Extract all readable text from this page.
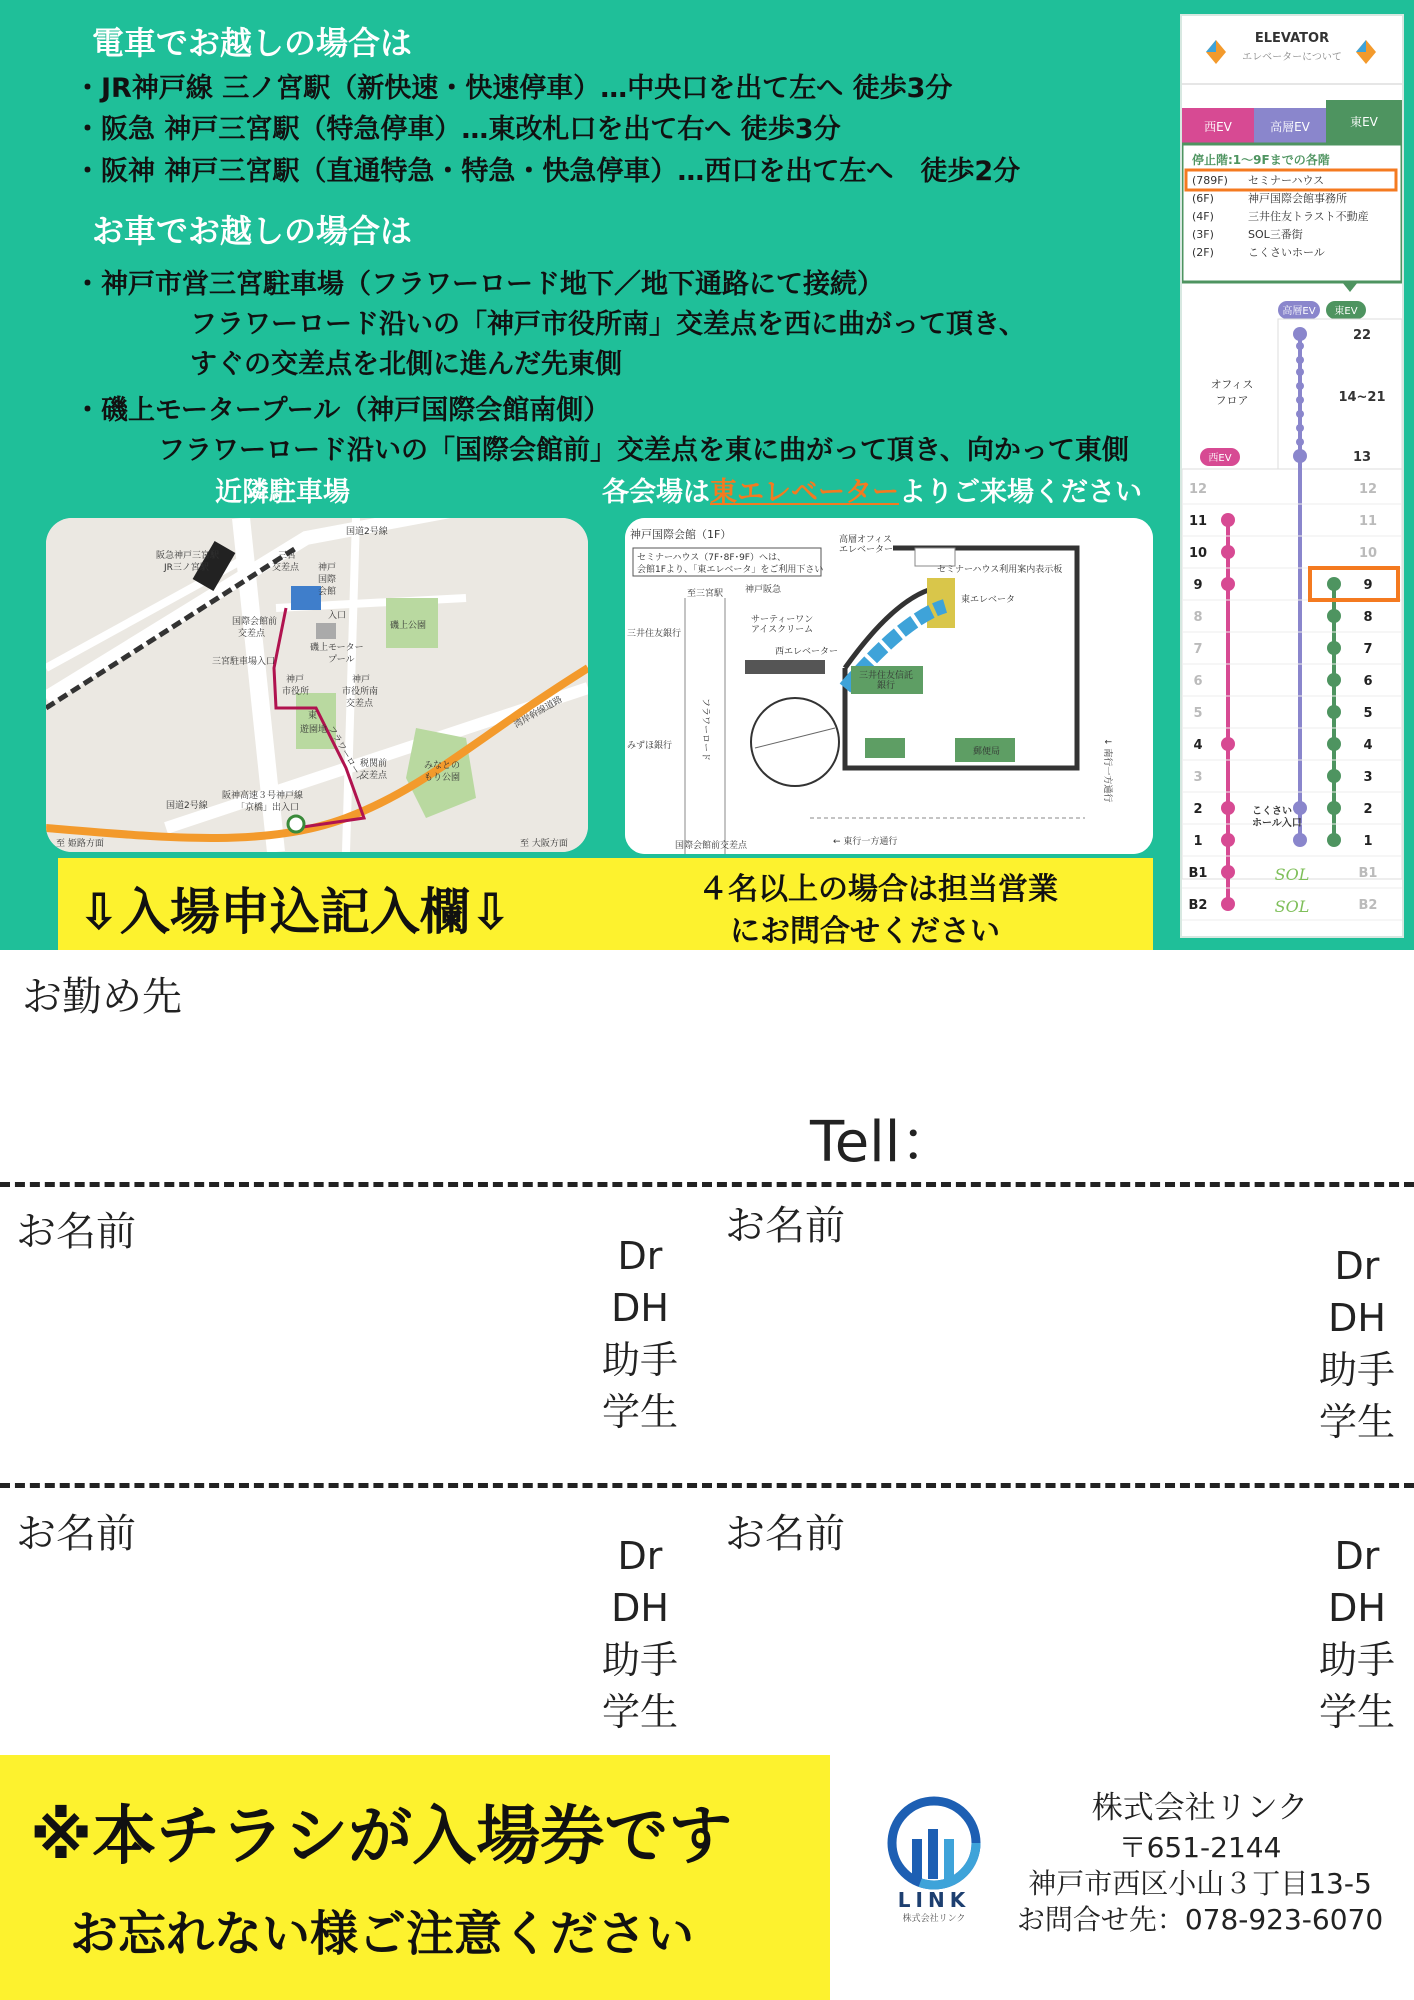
電車でお越しの場合は
・JR神戸線 三ノ宮駅（新快速・快速停車）…中央口を出て左へ 徒歩3分
・阪急 神戸三宮駅（特急停車）…東改札口を出て右へ 徒歩3分
・阪神 神戸三宮駅（直通特急・特急・快急停車）…西口を出て左へ　徒歩2分
お車でお越しの場合は
・神戸市営三宮駐車場（フラワーロード地下／地下通路にて接続）
フラワーロード沿いの「神戸市役所南」交差点を西に曲がって頂き、
すぐの交差点を北側に進んだ先東側
・磯上モータープール（神戸国際会館南側）
フラワーロード沿いの「国際会館前」交差点を東に曲がって頂き、向かって東側
近隣駐車場	各会場は東エレベーターよりご来場ください
阪急神戸三宮駅
JR三ノ宮駅
三宮
交差点 神戸
国際
会館
入口
国際会館前
交差点
磯上公園
磯上モーター
プール
三宮駐車場入口
神戸
市役所
神戸
市役所南
交差点
フラワーロード
東
遊園地
みなとの
もり公園
税関前
交差点
国道2号線
国道2号線
阪神高速３号神戸線
「京橋」出入口
湾岸幹線道路
至 姫路方面	至 大阪方面
神戸国際会館（1F）
セミナーハウス（7F･8F･9F）へは、
会館1Fより、「東エレベータ」をご利用下さい
高層オフィス
エレベーター
セミナーハウス利用案内表示板
東エレベータ
至三宮駅
三井住友銀行
みずほ銀行	フラワーロード
サーティーワン
アイスクリーム
西エレベーター
三井住友信託
銀行
郵便局
神戸阪急
国際会館前交差点	← 東行一方通行
↓ 南行一方通行
⇩入場申込記入欄⇩	４名以上の場合は担当営業
にお問合せください
ELEVATOR
エレベーターについて
西EV	高層EV	東EV
停止階:1～9Fまでの各階
(789F) セミナーハウス
(6F)	神戸国際会館事務所
(4F)	三井住友トラスト不動産
(3F)	SOL三番街
(2F)	こくさいホール
高層EV 東EV
西EV
オフィス
フロア
22
14~21
13
12	12
11	11
10	10
9	9
8	8
7	7
6	6
5	5
4	4
3	3
2	2
1	1
B1	B1
B2	B2
こくさい
ホール入口
SOL
SOL
お勤め先
Tell：
お名前
Dr
DH
助手
学生
お名前
Dr
DH
助手
学生
お名前	Dr
DH
助手
学生
お名前	Dr
DH
助手
学生
※本チラシが入場券です
お忘れない様ご注意ください
LINK
株式会社リンク
株式会社リンク
〒651-2144
神戸市西区小山３丁目13-5
お問合せ先：078-923-6070
